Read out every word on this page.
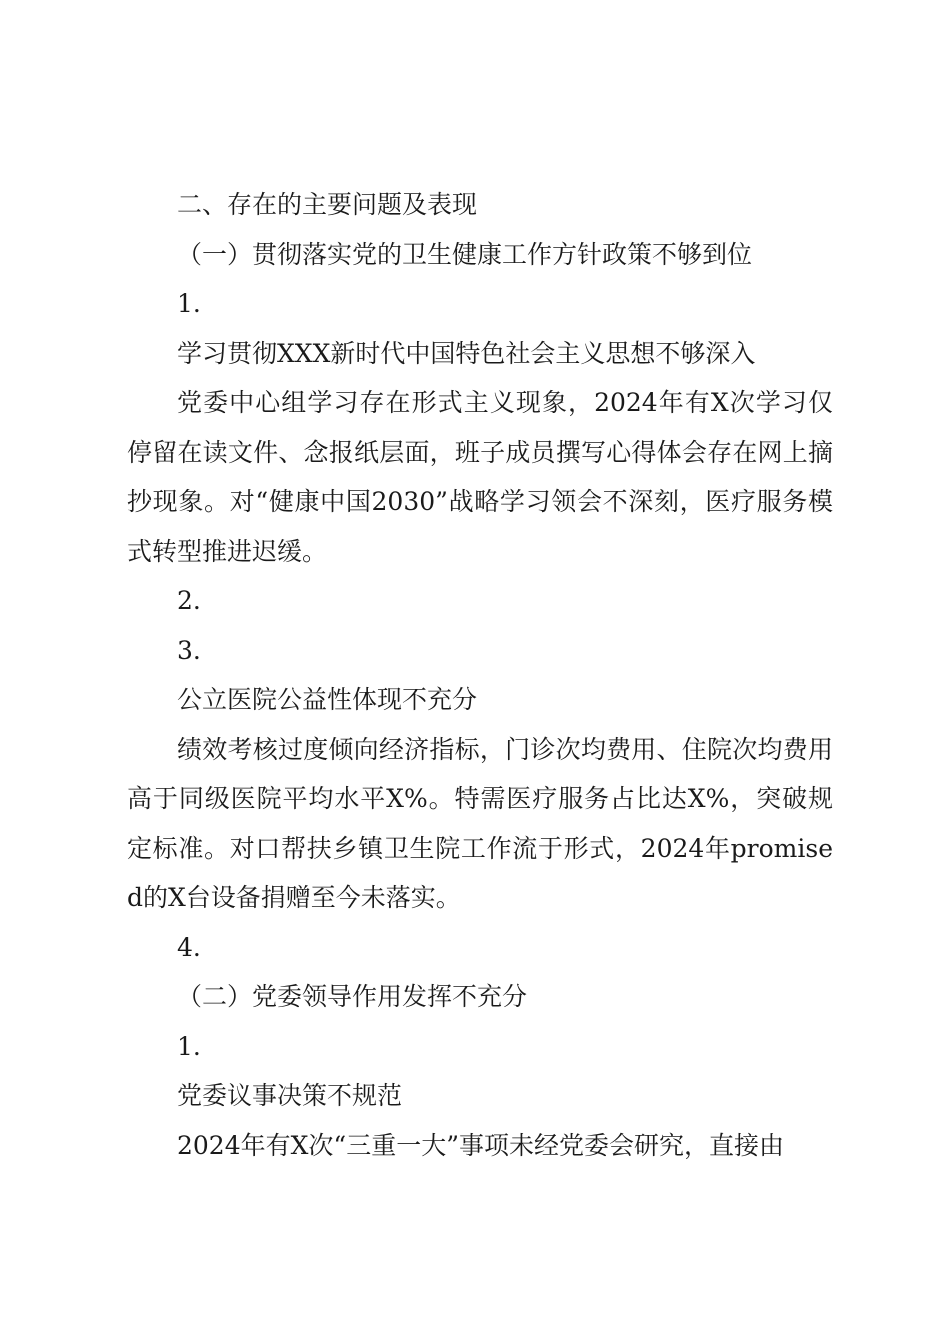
二、存在的主要问题及表现

（一）贯彻落实党的卫生健康工作方针政策不够到位

1.

学习贯彻XXX新时代中国特色社会主义思想不够深入

党委中心组学习存在形式主义现象，2024年有X次学习仅停留在读文件、念报纸层面，班子成员撰写心得体会存在网上摘抄现象。对“健康中国2030”战略学习领会不深刻，医疗服务模式转型推进迟缓。

2.

3.

公立医院公益性体现不充分

绩效考核过度倾向经济指标，门诊次均费用、住院次均费用高于同级医院平均水平X%。特需医疗服务占比达X%，突破规定标准。对口帮扶乡镇卫生院工作流于形式，2024年promised的X台设备捐赠至今未落实。

4.

（二）党委领导作用发挥不充分

1.

党委议事决策不规范

2024年有X次“三重一大”事项未经党委会研究，直接由
